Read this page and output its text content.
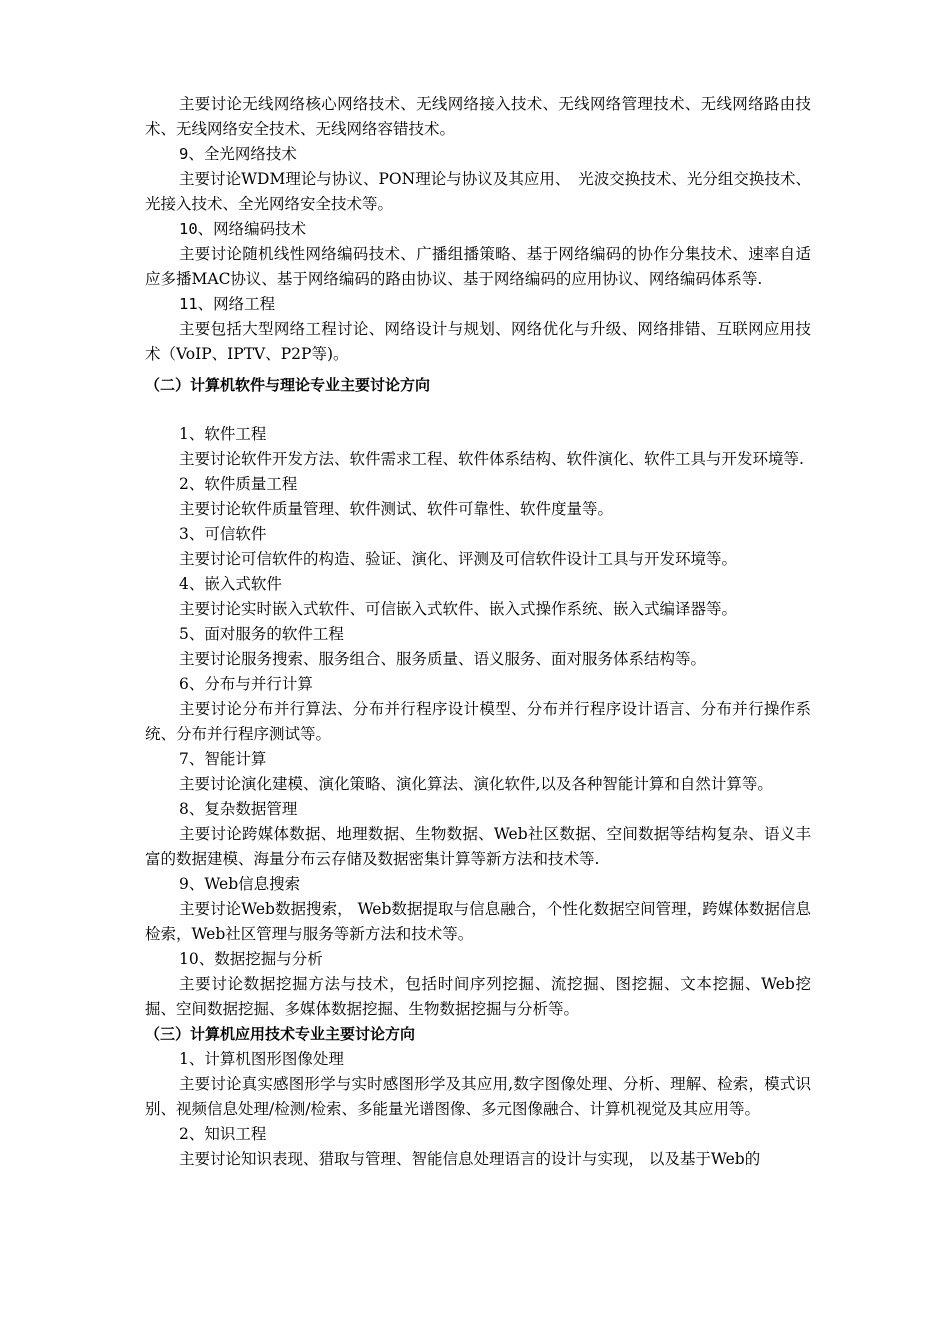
主要讨论无线网络核心网络技术、无线网络接入技术、无线网络管理技术、无线网络路由技术、无线网络安全技术、无线网络容错技术。

9、全光网络技术

主要讨论WDM理论与协议、PON理论与协议及其应用、　光波交换技术、光分组交换技术、光接入技术、全光网络安全技术等。

10、网络编码技术

主要讨论随机线性网络编码技术、广播组播策略、基于网络编码的协作分集技术、速率自适应多播MAC协议、基于网络编码的路由协议、基于网络编码的应用协议、网络编码体系等.

11、网络工程

主要包括大型网络工程讨论、网络设计与规划、网络优化与升级、网络排错、互联网应用技术（VoIP、IPTV、P2P等)。

（二）计算机软件与理论专业主要讨论方向

1、软件工程

主要讨论软件开发方法、软件需求工程、软件体系结构、软件演化、软件工具与开发环境等.

2、软件质量工程

主要讨论软件质量管理、软件测试、软件可靠性、软件度量等。

3、可信软件

主要讨论可信软件的构造、验证、演化、评测及可信软件设计工具与开发环境等。

4、嵌入式软件

主要讨论实时嵌入式软件、可信嵌入式软件、嵌入式操作系统、嵌入式编译器等。

5、面对服务的软件工程

主要讨论服务搜索、服务组合、服务质量、语义服务、面对服务体系结构等。

6、分布与并行计算

主要讨论分布并行算法、分布并行程序设计模型、分布并行程序设计语言、分布并行操作系统、分布并行程序测试等。

7、智能计算

主要讨论演化建模、演化策略、演化算法、演化软件,以及各种智能计算和自然计算等。

8、复杂数据管理

主要讨论跨媒体数据、地理数据、生物数据、Web社区数据、空间数据等结构复杂、语义丰富的数据建模、海量分布云存储及数据密集计算等新方法和技术等.

9、Web信息搜索

主要讨论Web数据搜索， Web数据提取与信息融合，个性化数据空间管理，跨媒体数据信息检索，Web社区管理与服务等新方法和技术等。

10、数据挖掘与分析

主要讨论数据挖掘方法与技术，包括时间序列挖掘、流挖掘、图挖掘、文本挖掘、Web挖掘、空间数据挖掘、多媒体数据挖掘、生物数据挖掘与分析等。

（三）计算机应用技术专业主要讨论方向

1、计算机图形图像处理

主要讨论真实感图形学与实时感图形学及其应用,数字图像处理、分析、理解、检索，模式识别、视频信息处理/检测/检索、多能量光谱图像、多元图像融合、计算机视觉及其应用等。

2、知识工程

主要讨论知识表现、猎取与管理、智能信息处理语言的设计与实现， 以及基于Web的
